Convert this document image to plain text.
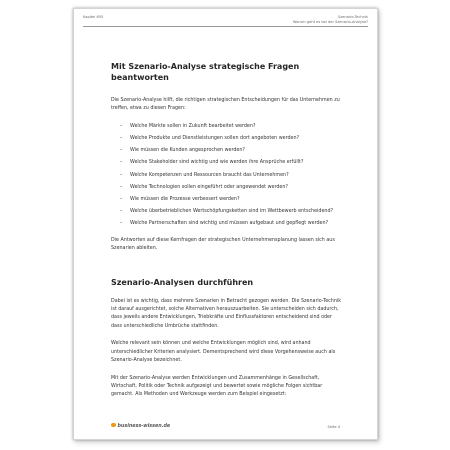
Kapitel 655	Szenario-Technik
Worum geht es bei der Szenario-Analyse?
Mit Szenario-Analyse strategische Fragen beantworten

Die Szenario-Analyse hilft, die richtigen strategischen Entscheidungen für das Unternehmen zu treffen, etwa zu diesen Fragen:

– Welche Märkte sollen in Zukunft bearbeitet werden?
– Welche Produkte und Dienstleistungen sollen dort angeboten werden?
– Wie müssen die Kunden angesprochen werden?
– Welche Stakeholder sind wichtig und wie werden ihre Ansprüche erfüllt?
– Welche Kompetenzen und Ressourcen braucht das Unternehmen?
– Welche Technologien sollen eingeführt oder angewendet werden?
– Wie müssen die Prozesse verbessert werden?
– Welche überbetrieblichen Wertschöpfungsketten sind im Wettbewerb entscheidend?
– Welche Partnerschaften sind wichtig und müssen aufgebaut und gepflegt werden?

Die Antworten auf diese Kernfragen der strategischen Unternehmensplanung lassen sich aus Szenarien ableiten.

Szenario-Analysen durchführen

Dabei ist es wichtig, dass mehrere Szenarien in Betracht gezogen werden. Die Szenario-Technik ist darauf ausgerichtet, solche Alternativen herauszuarbeiten. Sie unterscheiden sich dadurch, dass jeweils andere Entwicklungen, Triebkräfte und Einflussfaktoren entscheidend sind oder dass unterschiedliche Umbrüche stattfinden.

Welche relevant sein können und welche Entwicklungen möglich sind, wird anhand unterschiedlicher Kriterien analysiert. Dementsprechend wird diese Vorgehensweise auch als Szenario-Analyse bezeichnet.

Mit der Szenario-Analyse werden Entwicklungen und Zusammenhänge in Gesellschaft, Wirtschaft, Politik oder Technik aufgezeigt und bewertet sowie mögliche Folgen sichtbar gemacht. Als Methoden und Werkzeuge werden zum Beispiel eingesetzt:

business-wissen.de	Seite 4
